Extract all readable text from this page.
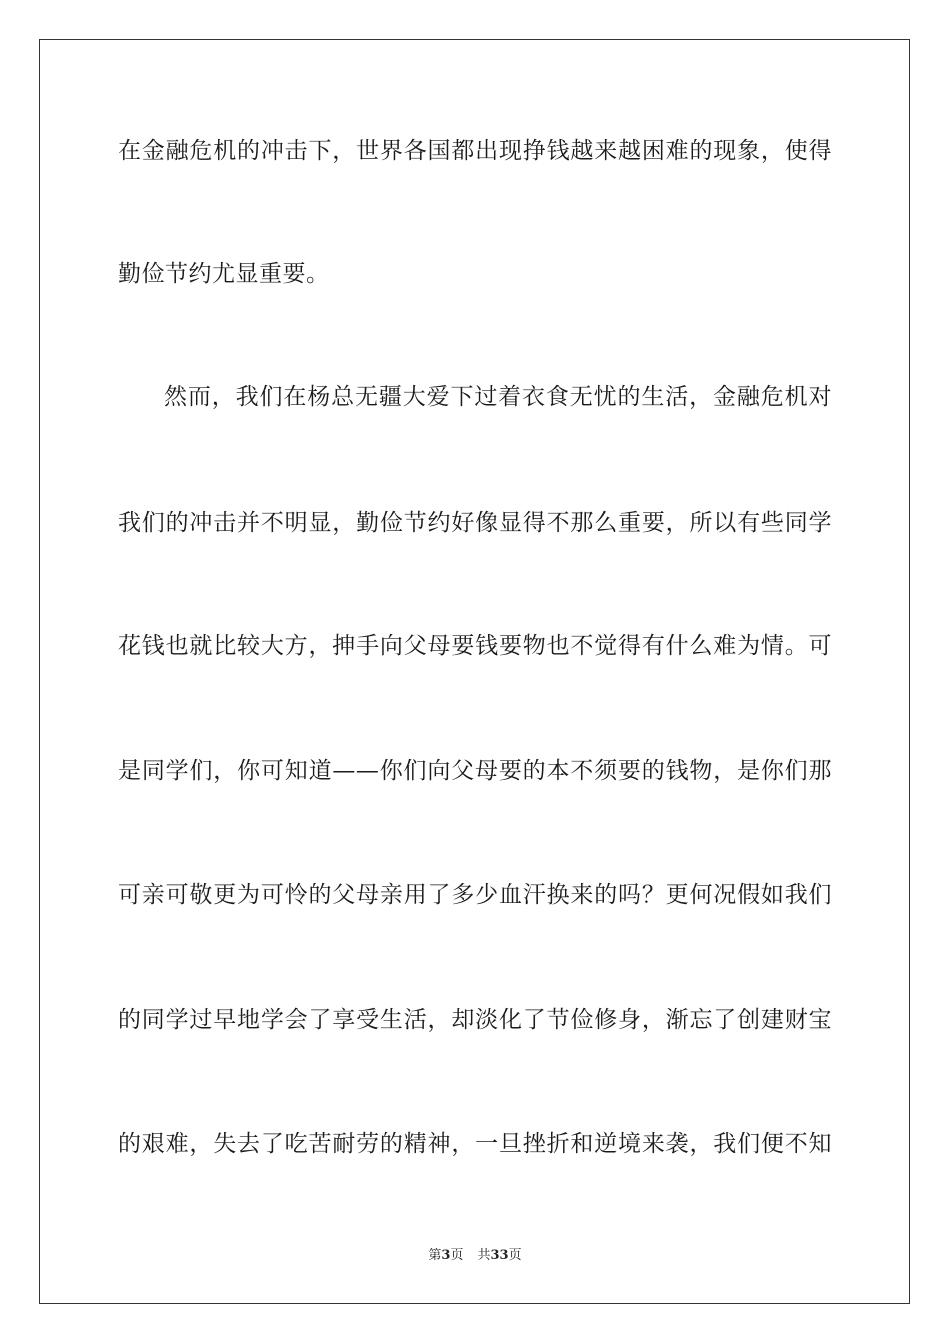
在金融危机的冲击下，世界各国都出现挣钱越来越困难的现象，使得
勤俭节约尤显重要。
然而，我们在杨总无疆大爱下过着衣食无忧的生活，金融危机对
我们的冲击并不明显，勤俭节约好像显得不那么重要，所以有些同学
花钱也就比较大方，抻手向父母要钱要物也不觉得有什么难为情。可
是同学们，你可知道——你们向父母要的本不须要的钱物，是你们那
可亲可敬更为可怜的父母亲用了多少血汗换来的吗？更何况假如我们
的同学过早地学会了享受生活，却淡化了节俭修身，渐忘了创建财宝
的艰难，失去了吃苦耐劳的精神，一旦挫折和逆境来袭，我们便不知
第3页 共33页
